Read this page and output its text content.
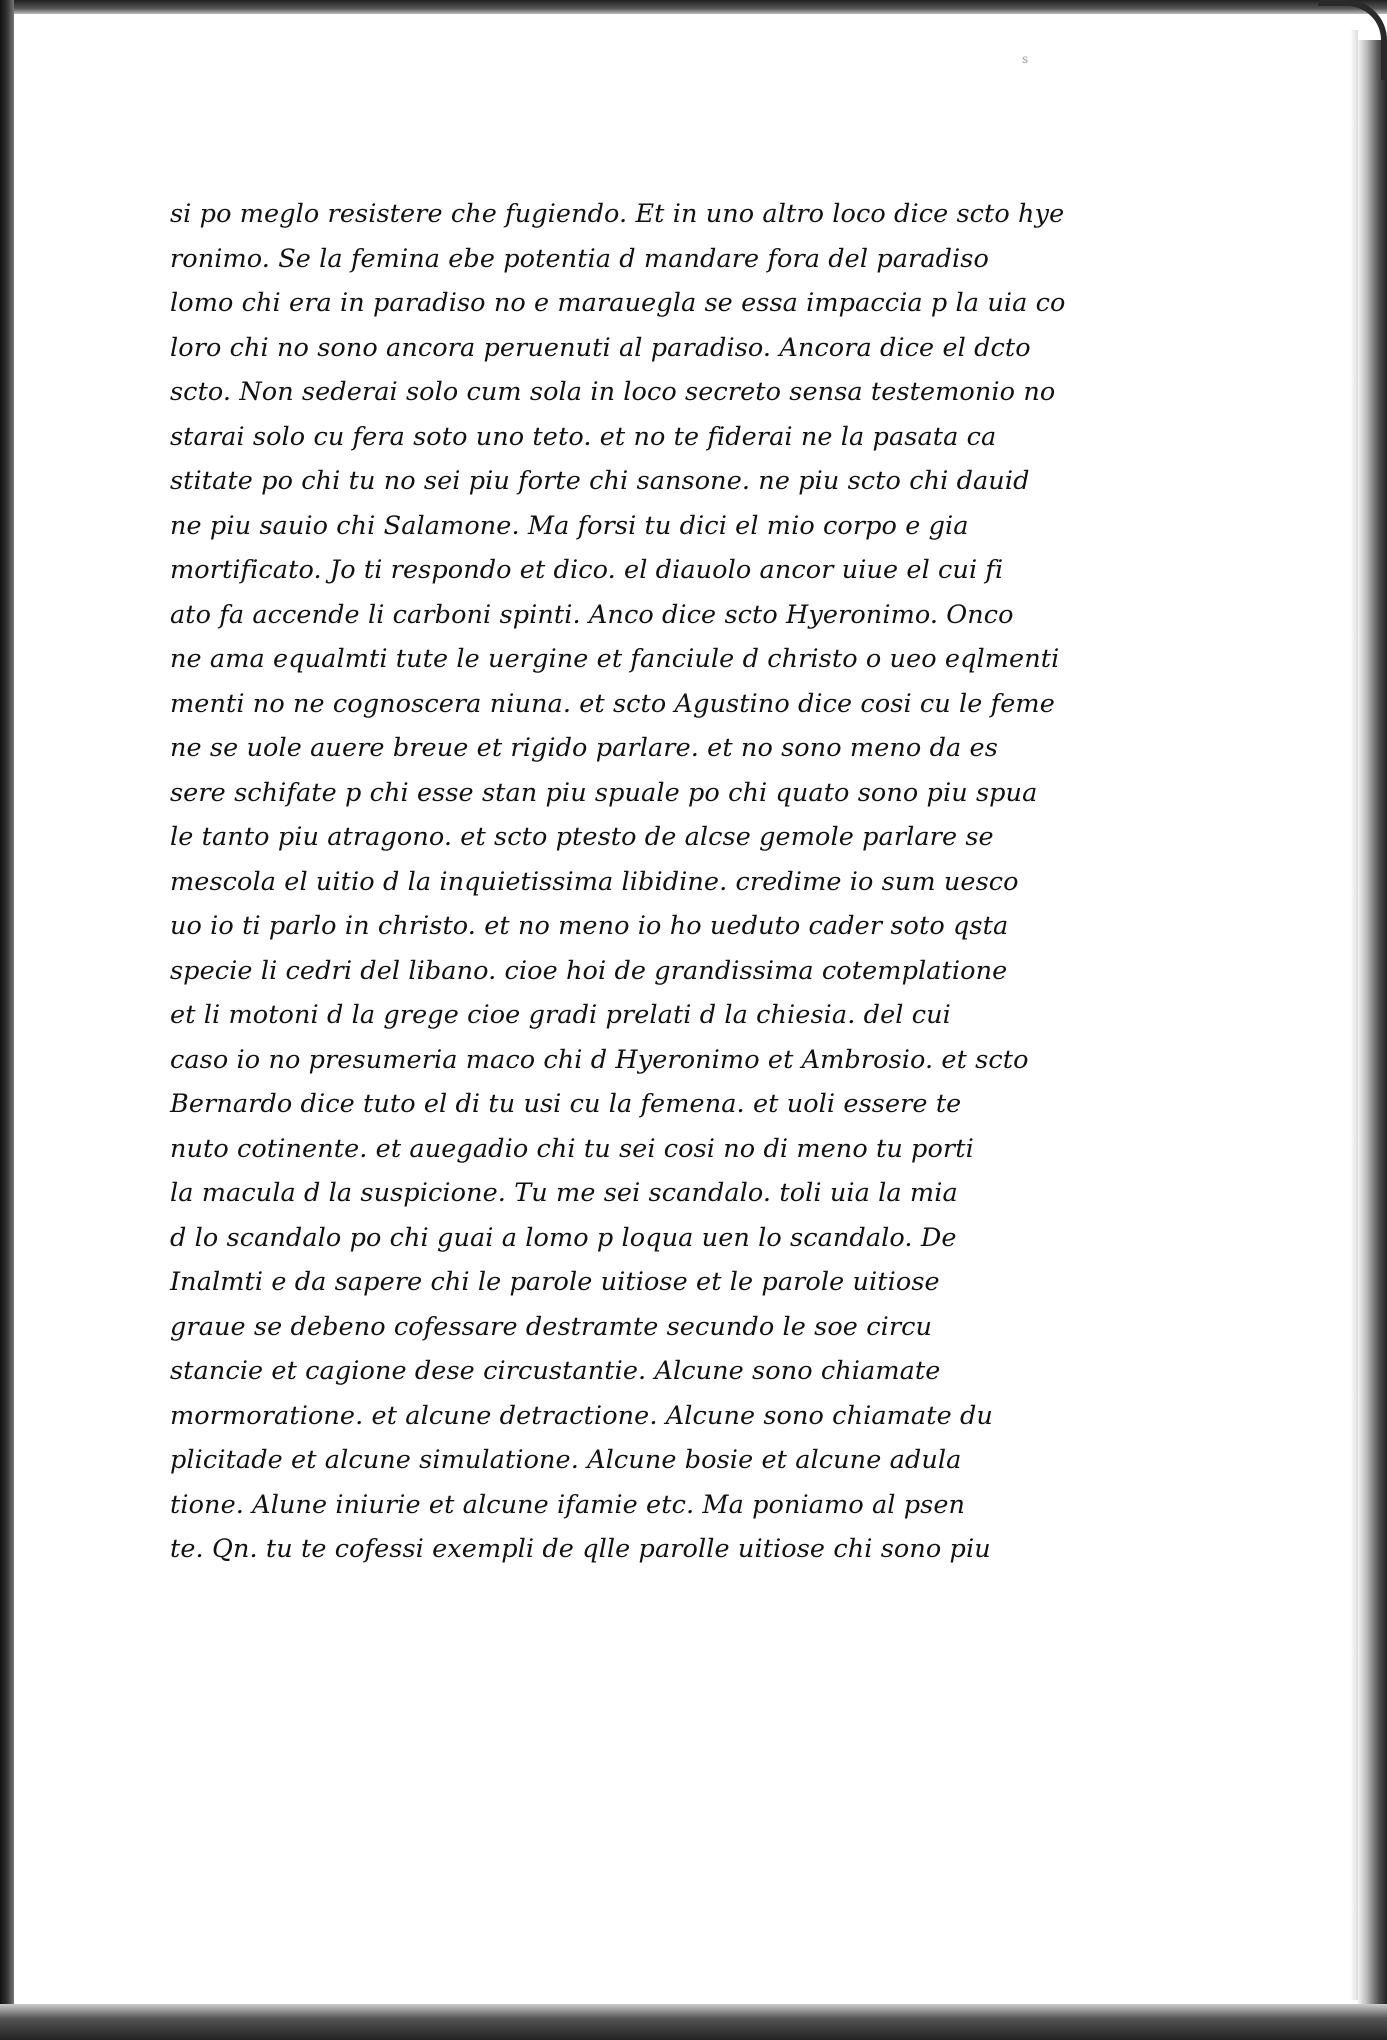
s
si po meglo resistere che fugiendo. Et in uno altro loco dice scto hye
ronimo. Se la femina ebe potentia d mandare fora del paradiso
lomo chi era in paradiso no e marauegla se essa impaccia p la uia co
loro chi no sono ancora peruenuti al paradiso. Ancora dice el dcto
scto. Non sederai solo cum sola in loco secreto sensa testemonio no
starai solo cu fera soto uno teto. et no te fiderai ne la pasata ca
stitate po chi tu no sei piu forte chi sansone. ne piu scto chi dauid
ne piu sauio chi Salamone. Ma forsi tu dici el mio corpo e gia
mortificato. Jo ti respondo et dico. el diauolo ancor uiue el cui fi
ato fa accende li carboni spinti. Anco dice scto Hyeronimo. Onco
ne ama equalmti tute le uergine et fanciule d christo o ueo eqlmenti
menti no ne cognoscera niuna. et scto Agustino dice cosi cu le feme
ne se uole auere breue et rigido parlare. et no sono meno da es
sere schifate p chi esse stan piu spuale po chi quato sono piu spua
le tanto piu atragono. et scto ptesto de alcse gemole parlare se
mescola el uitio d la inquietissima libidine. credime io sum uesco
uo io ti parlo in christo. et no meno io ho ueduto cader soto qsta
specie li cedri del libano. cioe hoi de grandissima cotemplatione
et li motoni d la grege cioe gradi prelati d la chiesia. del cui
caso io no presumeria maco chi d Hyeronimo et Ambrosio. et scto
Bernardo dice tuto el di tu usi cu la femena. et uoli essere te
nuto cotinente. et auegadio chi tu sei cosi no di meno tu porti
la macula d la suspicione. Tu me sei scandalo. toli uia la mia
d lo scandalo po chi guai a lomo p loqua uen lo scandalo. De
Inalmti e da sapere chi le parole uitiose et le parole uitiose
graue se debeno cofessare destramte secundo le soe circu
stancie et cagione dese circustantie. Alcune sono chiamate
mormoratione. et alcune detractione. Alcune sono chiamate du
plicitade et alcune simulatione. Alcune bosie et alcune adula
tione. Alune iniurie et alcune ifamie etc. Ma poniamo al psen
te. Qn. tu te cofessi exempli de qlle parolle uitiose chi sono piu
